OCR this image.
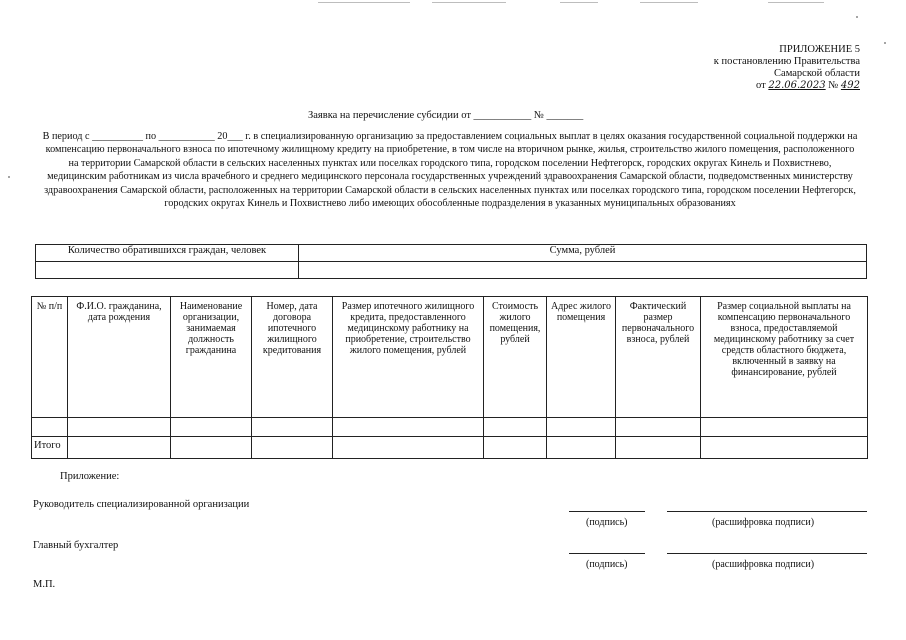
ПРИЛОЖЕНИЕ 5
к постановлению Правительства
Самарской области
от 22.06.2023 № 492
Заявка на перечисление субсидии от ___________ № _______
В период с __________ по ___________ 20___ г. в специализированную организацию за предоставлением социальных выплат в целях оказания государственной социальной поддержки на компенсацию первоначального взноса по ипотечному жилищному кредиту на приобретение, в том числе на вторичном рынке, жилья, строительство жилого помещения, расположенного на территории Самарской области в сельских населенных пунктах или поселках городского типа, городском поселении Нефтегорск, городских округах Кинель и Похвистнево, медицинским работникам из числа врачебного и среднего медицинского персонала государственных учреждений здравоохранения Самарской области, подведомственных министерству здравоохранения Самарской области, расположенных на территории Самарской области в сельских населенных пунктах или поселках городского типа, городском поселении Нефтегорск, городских округах Кинель и Похвистнево либо имеющих обособленные подразделения в указанных муниципальных образованиях
Количество обратившихся граждан, человек	Сумма, рублей

№ п/п	Ф.И.О. гражданина, дата рождения	Наименование организации, занимаемая должность гражданина	Номер, дата договора ипотечного жилищного кредитования	Размер ипотечного жилищного кредита, предоставленного медицинскому работнику на приобретение, строительство жилого помещения, рублей	Стоимость жилого помещения, рублей	Адрес жилого помещения	Фактический размер первоначального взноса, рублей	Размер социальной выплаты на компенсацию первоначального взноса, предоставляемой медицинскому работнику за счет средств областного бюджета, включенный в заявку на финансирование, рублей

Итого								
Приложение:
Руководитель специализированной организации
(подпись)	(расшифровка подписи)
Главный бухгалтер
(подпись)	(расшифровка подписи)
М.П.
